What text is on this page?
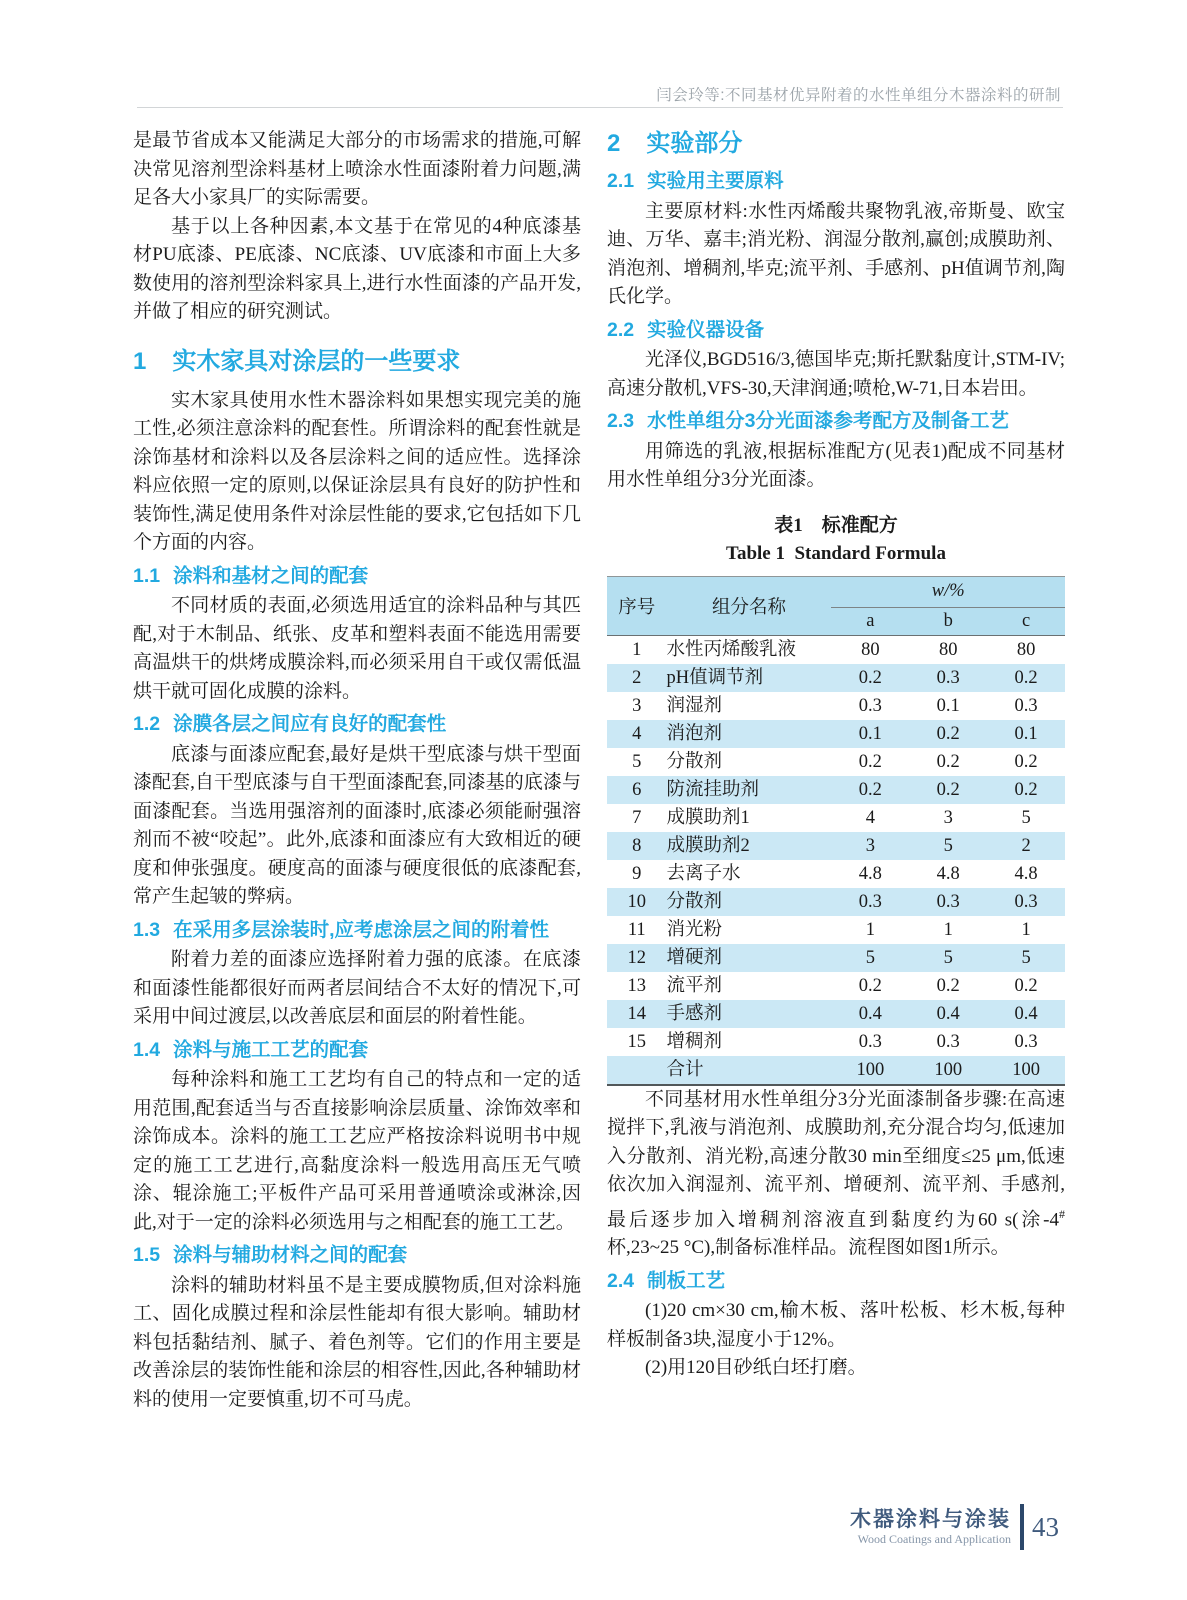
闫会玲等:不同基材优异附着的水性单组分木器涂料的研制

是最节省成本又能满足大部分的市场需求的措施,可解决常见溶剂型涂料基材上喷涂水性面漆附着力问题,满足各大小家具厂的实际需要。

基于以上各种因素,本文基于在常见的4种底漆基材PU底漆、PE底漆、NC底漆、UV底漆和市面上大多数使用的溶剂型涂料家具上,进行水性面漆的产品开发,并做了相应的研究测试。

1 实木家具对涂层的一些要求

实木家具使用水性木器涂料如果想实现完美的施工性,必须注意涂料的配套性。所谓涂料的配套性就是涂饰基材和涂料以及各层涂料之间的适应性。选择涂料应依照一定的原则,以保证涂层具有良好的防护性和装饰性,满足使用条件对涂层性能的要求,它包括如下几个方面的内容。

1.1 涂料和基材之间的配套

不同材质的表面,必须选用适宜的涂料品种与其匹配,对于木制品、纸张、皮革和塑料表面不能选用需要高温烘干的烘烤成膜涂料,而必须采用自干或仅需低温烘干就可固化成膜的涂料。

1.2 涂膜各层之间应有良好的配套性

底漆与面漆应配套,最好是烘干型底漆与烘干型面漆配套,自干型底漆与自干型面漆配套,同漆基的底漆与面漆配套。当选用强溶剂的面漆时,底漆必须能耐强溶剂而不被“咬起”。此外,底漆和面漆应有大致相近的硬度和伸张强度。硬度高的面漆与硬度很低的底漆配套,常产生起皱的弊病。

1.3 在采用多层涂装时,应考虑涂层之间的附着性

附着力差的面漆应选择附着力强的底漆。在底漆和面漆性能都很好而两者层间结合不太好的情况下,可采用中间过渡层,以改善底层和面层的附着性能。

1.4 涂料与施工工艺的配套

每种涂料和施工工艺均有自己的特点和一定的适用范围,配套适当与否直接影响涂层质量、涂饰效率和涂饰成本。涂料的施工工艺应严格按涂料说明书中规定的施工工艺进行,高黏度涂料一般选用高压无气喷涂、辊涂施工;平板件产品可采用普通喷涂或淋涂,因此,对于一定的涂料必须选用与之相配套的施工工艺。

1.5 涂料与辅助材料之间的配套

涂料的辅助材料虽不是主要成膜物质,但对涂料施工、固化成膜过程和涂层性能却有很大影响。辅助材料包括黏结剂、腻子、着色剂等。它们的作用主要是改善涂层的装饰性能和涂层的相容性,因此,各种辅助材料的使用一定要慎重,切不可马虎。

2 实验部分
2.1 实验用主要原料

主要原材料:水性丙烯酸共聚物乳液,帝斯曼、欧宝迪、万华、嘉丰;消光粉、润湿分散剂,赢创;成膜助剂、消泡剂、增稠剂,毕克;流平剂、手感剂、pH值调节剂,陶氏化学。

2.2 实验仪器设备

光泽仪,BGD516/3,德国毕克;斯托默黏度计,STM-IV;高速分散机,VFS-30,天津润通;喷枪,W-71,日本岩田。

2.3 水性单组分3分光面漆参考配方及制备工艺

用筛选的乳液,根据标准配方(见表1)配成不同基材用水性单组分3分光面漆。

表1　标准配方

Table 1  Standard Formula

序号	组分名称	w/%		
		a	b	c
1	水性丙烯酸乳液	80	80	80
2	pH值调节剂	0.2	0.3	0.2
3	润湿剂	0.3	0.1	0.3
4	消泡剂	0.1	0.2	0.1
5	分散剂	0.2	0.2	0.2
6	防流挂助剂	0.2	0.2	0.2
7	成膜助剂1	4	3	5
8	成膜助剂2	3	5	2
9	去离子水	4.8	4.8	4.8
10	分散剂	0.3	0.3	0.3
11	消光粉	1	1	1
12	增硬剂	5	5	5
13	流平剂	0.2	0.2	0.2
14	手感剂	0.4	0.4	0.4
15	增稠剂	0.3	0.3	0.3
	合计	100	100	100

不同基材用水性单组分3分光面漆制备步骤:在高速搅拌下,乳液与消泡剂、成膜助剂,充分混合均匀,低速加入分散剂、消光粉,高速分散30 min至细度≤25 μm,低速依次加入润湿剂、流平剂、增硬剂、流平剂、手感剂,最后逐步加入增稠剂溶液直到黏度约为60 s(涂-4#杯,23~25 °C),制备标准样品。流程图如图1所示。

2.4 制板工艺

(1)20 cm×30 cm,榆木板、落叶松板、杉木板,每种样板制备3块,湿度小于12%。

(2)用120目砂纸白坯打磨。

木器涂料与涂装
Wood Coatings and Application 43
